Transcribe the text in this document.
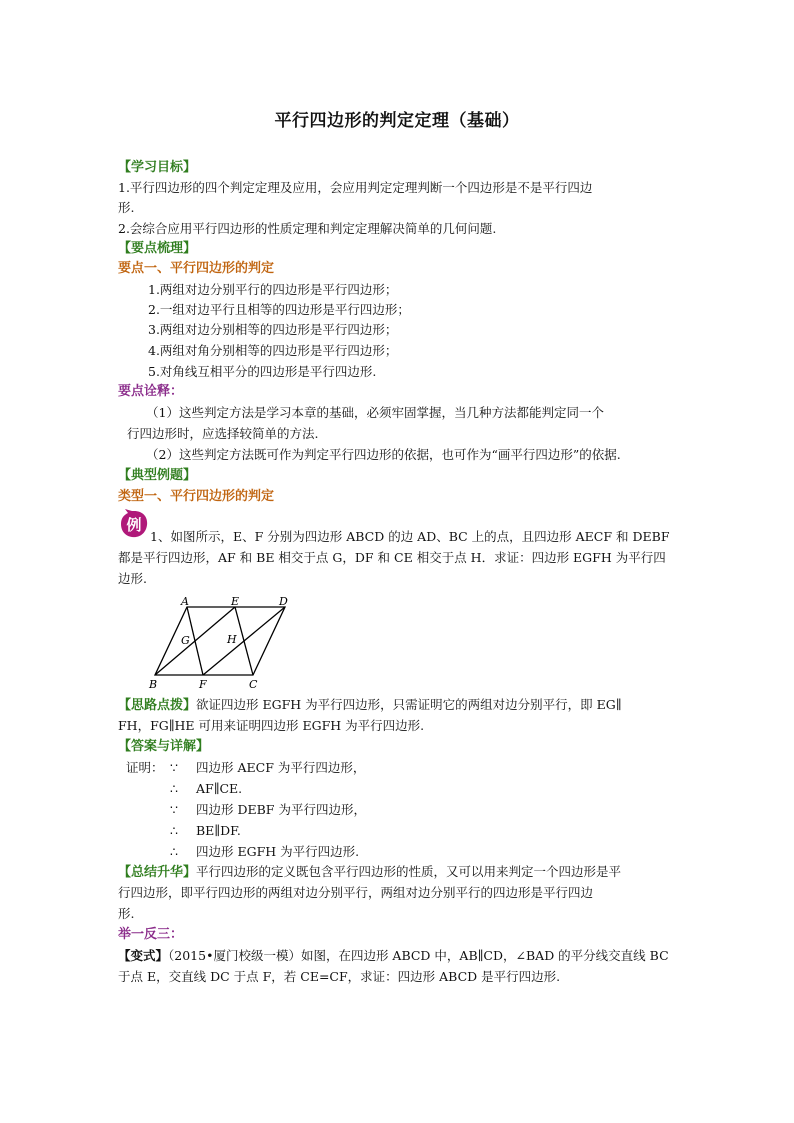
平行四边形的判定定理（基础）
【学习目标】
1.平行四边形的四个判定定理及应用，会应用判定定理判断一个四边形是不是平行四边
形.
2.会综合应用平行四边形的性质定理和判定定理解决简单的几何问题.
【要点梳理】
要点一、平行四边形的判定
1.两组对边分别平行的四边形是平行四边形；
2.一组对边平行且相等的四边形是平行四边形；
3.两组对边分别相等的四边形是平行四边形；
4.两组对角分别相等的四边形是平行四边形；
5.对角线互相平分的四边形是平行四边形.
要点诠释：
（1）这些判定方法是学习本章的基础，必须牢固掌握，当几种方法都能判定同一个
行四边形时，应选择较简单的方法.
（2）这些判定方法既可作为判定平行四边形的依据，也可作为“画平行四边形”的依据.
【典型例题】
类型一、平行四边形的判定
例
1、如图所示，E、F 分别为四边形 ABCD 的边 AD、BC 上的点，且四边形 AECF 和 DEBF
都是平行四边形，AF 和 BE 相交于点 G，DF 和 CE 相交于点 H．求证：四边形 EGFH 为平行四
边形.
A	E	D
G	H
B	F	C
【思路点拨】欲证四边形 EGFH 为平行四边形，只需证明它的两组对边分别平行，即 EG∥
FH，FG∥HE 可用来证明四边形 EGFH 为平行四边形.
【答案与详解】
证明： ∵ 四边形 AECF 为平行四边形，
∴ AF∥CE.
∵ 四边形 DEBF 为平行四边形，
∴ BE∥DF.
∴ 四边形 EGFH 为平行四边形.
【总结升华】平行四边形的定义既包含平行四边形的性质，又可以用来判定一个四边形是平
行四边形，即平行四边形的两组对边分别平行，两组对边分别平行的四边形是平行四边
形.
举一反三：
【变式】（2015•厦门校级一模）如图，在四边形 ABCD 中，AB∥CD，∠BAD 的平分线交直线 BC
于点 E，交直线 DC 于点 F，若 CE=CF，求证：四边形 ABCD 是平行四边形.
